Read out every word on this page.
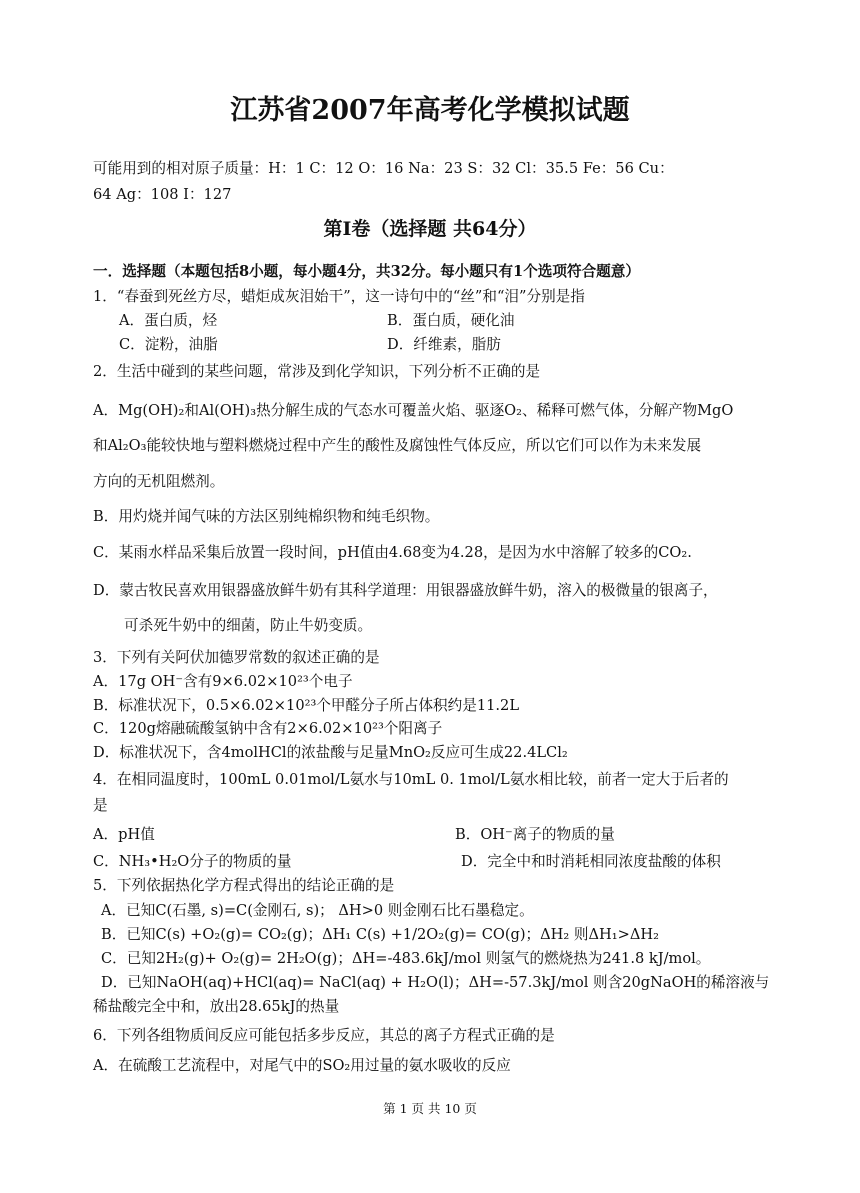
江苏省2007年高考化学模拟试题
可能用到的相对原子质量：H：1 C：12 O：16 Na：23 S：32 Cl：35.5 Fe：56 Cu：
64 Ag：108 I：127
第Ⅰ卷（选择题 共64分）
一．选择题（本题包括8小题，每小题4分，共32分。每小题只有1个选项符合题意）
1．“春蚕到死丝方尽，蜡炬成灰泪始干”，这一诗句中的“丝”和“泪”分别是指
A．蛋白质，烃	B．蛋白质，硬化油
C．淀粉，油脂	D．纤维素，脂肪
2．生活中碰到的某些问题，常涉及到化学知识，下列分析不正确的是
A．Mg(OH)₂和Al(OH)₃热分解生成的气态水可覆盖火焰、驱逐O₂、稀释可燃气体，分解产物MgO
和Al₂O₃能较快地与塑料燃烧过程中产生的酸性及腐蚀性气体反应，所以它们可以作为未来发展
方向的无机阻燃剂。
B．用灼烧并闻气味的方法区别纯棉织物和纯毛织物。
C．某雨水样品采集后放置一段时间，pH值由4.68变为4.28，是因为水中溶解了较多的CO₂.
D．蒙古牧民喜欢用银器盛放鲜牛奶有其科学道理：用银器盛放鲜牛奶，溶入的极微量的银离子，
可杀死牛奶中的细菌，防止牛奶变质。
3．下列有关阿伏加德罗常数的叙述正确的是
A．17g OH⁻含有9×6.02×10²³个电子
B．标准状况下，0.5×6.02×10²³个甲醛分子所占体积约是11.2L
C．120g熔融硫酸氢钠中含有2×6.02×10²³个阳离子
D．标准状况下，含4molHCl的浓盐酸与足量MnO₂反应可生成22.4LCl₂
4．在相同温度时，100mL 0.01mol/L氨水与10mL 0. 1mol/L氨水相比较，前者一定大于后者的
是
A．pH值	B．OH⁻离子的物质的量
C．NH₃•H₂O分子的物质的量	D．完全中和时消耗相同浓度盐酸的体积
5．下列依据热化学方程式得出的结论正确的是
A．已知C(石墨, s)=C(金刚石, s)； ΔH>0 则金刚石比石墨稳定。
B．已知C(s) +O₂(g)= CO₂(g)；ΔH₁ C(s) +1/2O₂(g)= CO(g)；ΔH₂ 则ΔH₁>ΔH₂
C．已知2H₂(g)+ O₂(g)= 2H₂O(g)；ΔH=-483.6kJ/mol 则氢气的燃烧热为241.8 kJ/mol。
D．已知NaOH(aq)+HCl(aq)= NaCl(aq) + H₂O(l)；ΔH=-57.3kJ/mol 则含20gNaOH的稀溶液与
稀盐酸完全中和，放出28.65kJ的热量
6．下列各组物质间反应可能包括多步反应，其总的离子方程式正确的是
A．在硫酸工艺流程中，对尾气中的SO₂用过量的氨水吸收的反应
第 1 页 共 10 页
